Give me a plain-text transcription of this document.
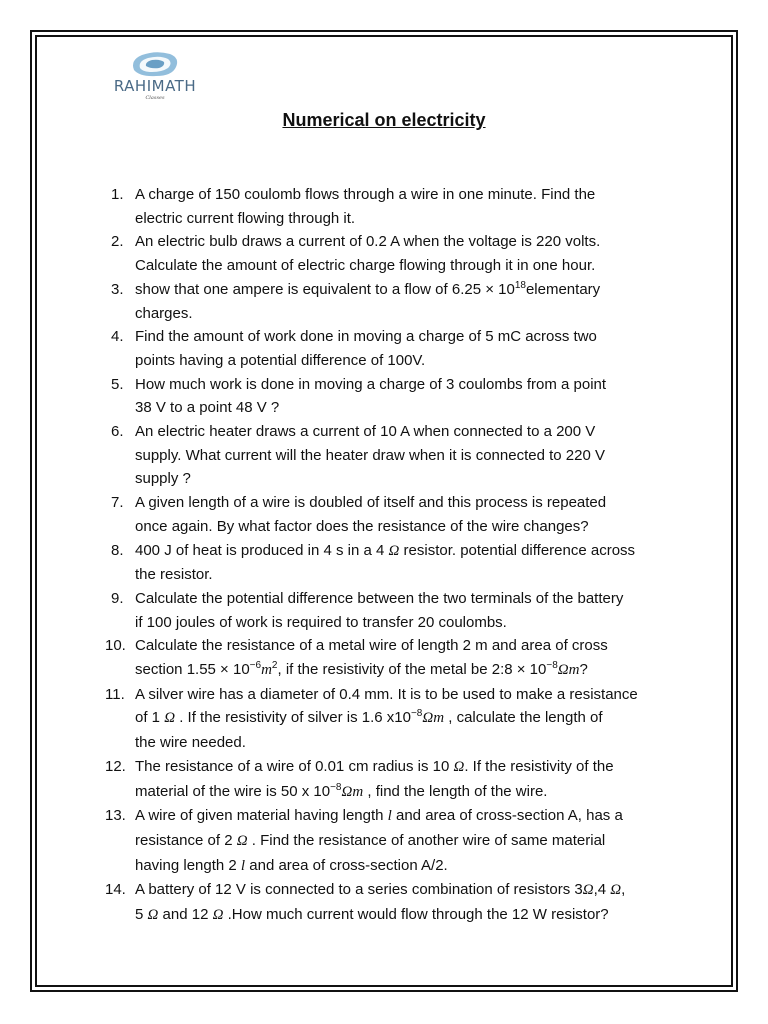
RAHIMATH
Classes
Numerical on electricity
1. A charge of 150 coulomb flows through a wire in one minute. Find the
electric current flowing through it.
2. An electric bulb draws a current of 0.2 A when the voltage is 220 volts.
Calculate the amount of electric charge flowing through it in one hour.
3. show that one ampere is equivalent to a flow of $6.25 \times 10^{18}elementary$
charges.
4. Find the amount of work done in moving a charge of 5 mC across two
points having a potential difference of 100V.
5. How much work is done in moving a charge of 3 coulombs from a point
38 V to a point 48 V ?
6. An electric heater draws a current of 10 A when connected to a 200 V
supply. What current will the heater draw when it is connected to 220 V
supply ?
7. A given length of a wire is doubled of itself and this process is repeated
once again. By what factor does the resistance of the wire changes?
8. 400 J of heat is produced in 4 s in a 4 Ω resistor. potential difference across
the resistor.
9. Calculate the potential difference between the two terminals of the battery
if 100 joules of work is required to transfer 20 coulombs.
10. Calculate the resistance of a metal wire of length 2 m and area of cross
section $1.55 \times 10^{-6}m^2$, if the resistivity of the metal be 2:8 × $10^{-8}\Omega m$?
11. A silver wire has a diameter of 0.4 mm. It is to be used to make a resistance
of 1 Ω . If the resistivity of silver is 1.6 $x10^{-8}\Omega m$ , calculate the length of
the wire needed.
12. The resistance of a wire of 0.01 cm radius is 10 Ω. If the resistivity of the
material of the wire is 50 x $10^{-8}\Omega m$ , find the length of the wire.
13. A wire of given material having length l and area of cross-section A, has a
resistance of 2 Ω . Find the resistance of another wire of same material
having length 2 l and area of cross-section A/2.
14. A battery of 12 V is connected to a series combination of resistors 3Ω,4 Ω,
5 Ω and 12 Ω .How much current would flow through the 12 W resistor?
